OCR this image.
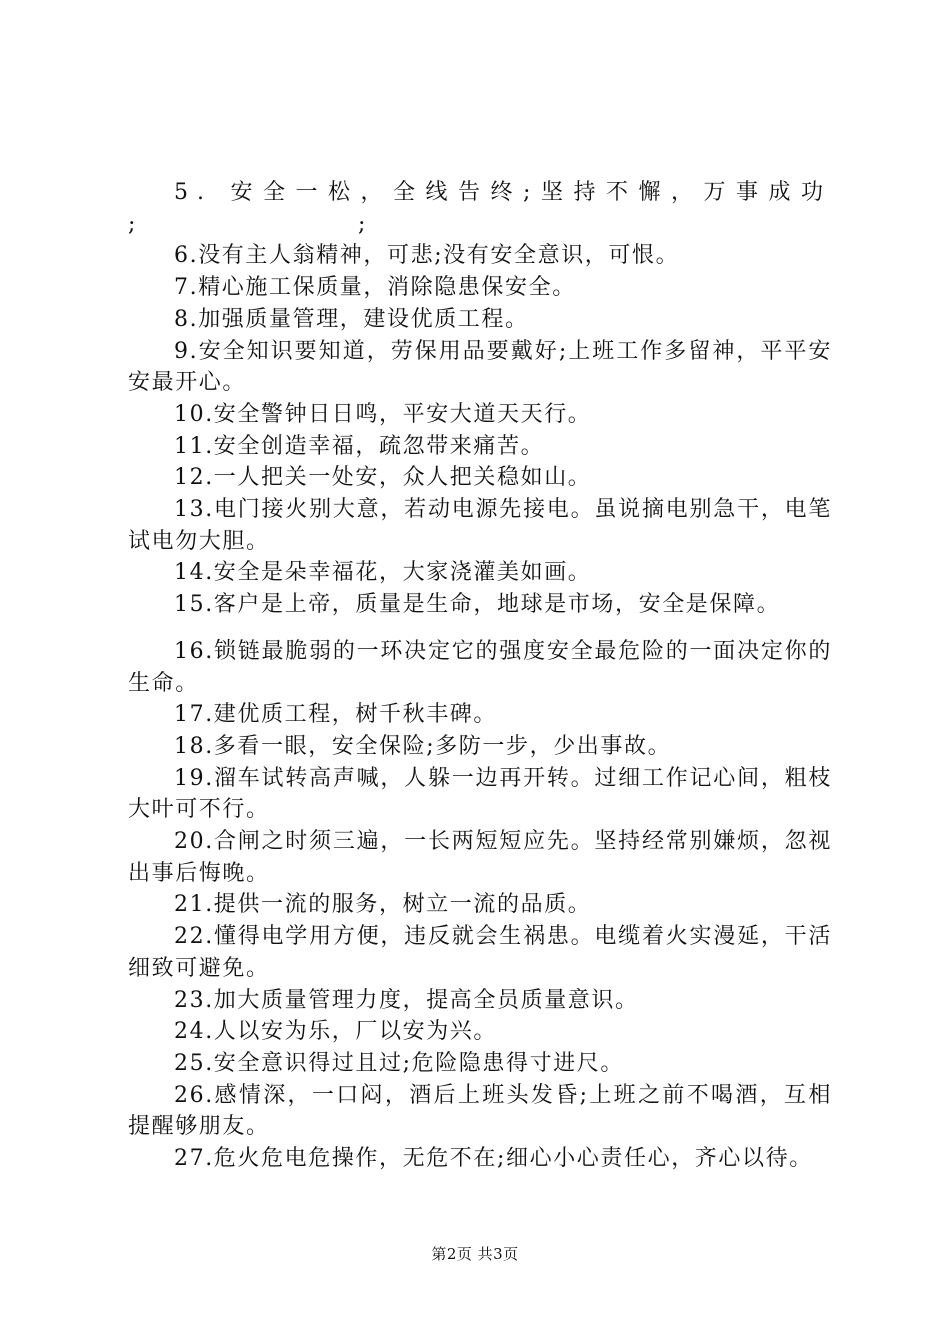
5. 安全一松，全线告终;坚持不懈，万事成功

;	;

6.没有主人翁精神，可悲;没有安全意识，可恨。

7.精心施工保质量，消除隐患保安全。

8.加强质量管理，建设优质工程。

9.安全知识要知道，劳保用品要戴好;上班工作多留神，平平安安最开心。

10.安全警钟日日鸣，平安大道天天行。

11.安全创造幸福，疏忽带来痛苦。

12.一人把关一处安，众人把关稳如山。

13.电门接火别大意，若动电源先接电。虽说摘电别急干，电笔试电勿大胆。

14.安全是朵幸福花，大家浇灌美如画。

15.客户是上帝，质量是生命，地球是市场，安全是保障。

16.锁链最脆弱的一环决定它的强度安全最危险的一面决定你的生命。

17.建优质工程，树千秋丰碑。

18.多看一眼，安全保险;多防一步，少出事故。

19.溜车试转高声喊，人躲一边再开转。过细工作记心间，粗枝大叶可不行。

20.合闸之时须三遍，一长两短短应先。坚持经常别嫌烦，忽视出事后悔晚。

21.提供一流的服务，树立一流的品质。

22.懂得电学用方便，违反就会生祸患。电缆着火实漫延，干活细致可避免。

23.加大质量管理力度，提高全员质量意识。

24.人以安为乐，厂以安为兴。

25.安全意识得过且过;危险隐患得寸进尺。

26.感情深，一口闷，酒后上班头发昏;上班之前不喝酒，互相提醒够朋友。

27.危火危电危操作，无危不在;细心小心责任心，齐心以待。

第2页 共3页
